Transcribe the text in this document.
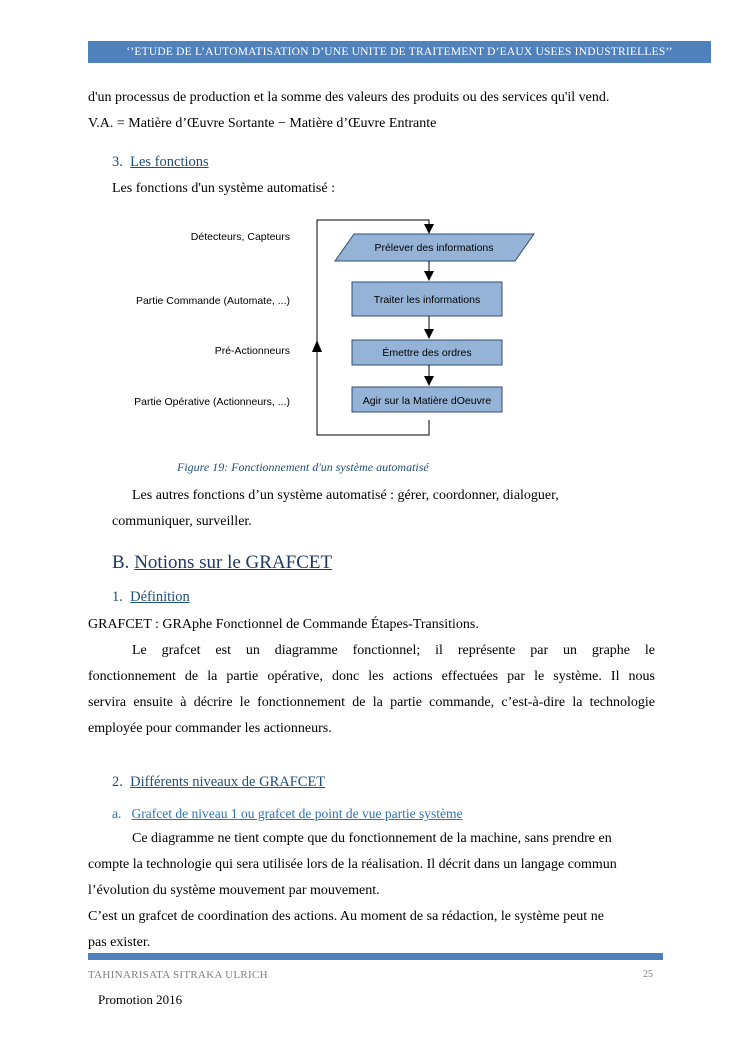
‘’ETUDE DE L’AUTOMATISATION D’UNE UNITE DE TRAITEMENT D’EAUX USEES INDUSTRIELLES’’
d'un processus de production et la somme des valeurs des produits ou des services qu'il vend.
V.A. = Matière d’Œuvre Sortante − Matière d’Œuvre Entrante
3. Les fonctions
Les fonctions d'un système automatisé :
Détecteurs, Capteurs
Partie Commande (Automate, ...)
Pré-Actionneurs
Partie Opérative (Actionneurs, ...)
Prélever des informations
Traiter les informations
Émettre des ordres
Agir sur la Matière dOeuvre
Figure 19: Fonctionnement d'un système automatisé
Les autres fonctions d’un système automatisé : gérer, coordonner, dialoguer,
communiquer, surveiller.
B. Notions sur le GRAFCET
1. Définition
GRAFCET : GRAphe Fonctionnel de Commande Étapes-Transitions.
Le grafcet est un diagramme fonctionnel; il représente par un graphe le
fonctionnement de la partie opérative, donc les actions effectuées par le système. Il nous
servira ensuite à décrire le fonctionnement de la partie commande, c’est-à-dire la technologie
employée pour commander les actionneurs.
2. Différents niveaux de GRAFCET
a. Grafcet de niveau 1 ou grafcet de point de vue partie système
Ce diagramme ne tient compte que du fonctionnement de la machine, sans prendre en
compte la technologie qui sera utilisée lors de la réalisation. Il décrit dans un langage commun
l’évolution du système mouvement par mouvement.
C’est un grafcet de coordination des actions. Au moment de sa rédaction, le système peut ne
pas exister.
TAHINARISATA SITRAKA ULRICH	25
Promotion 2016
